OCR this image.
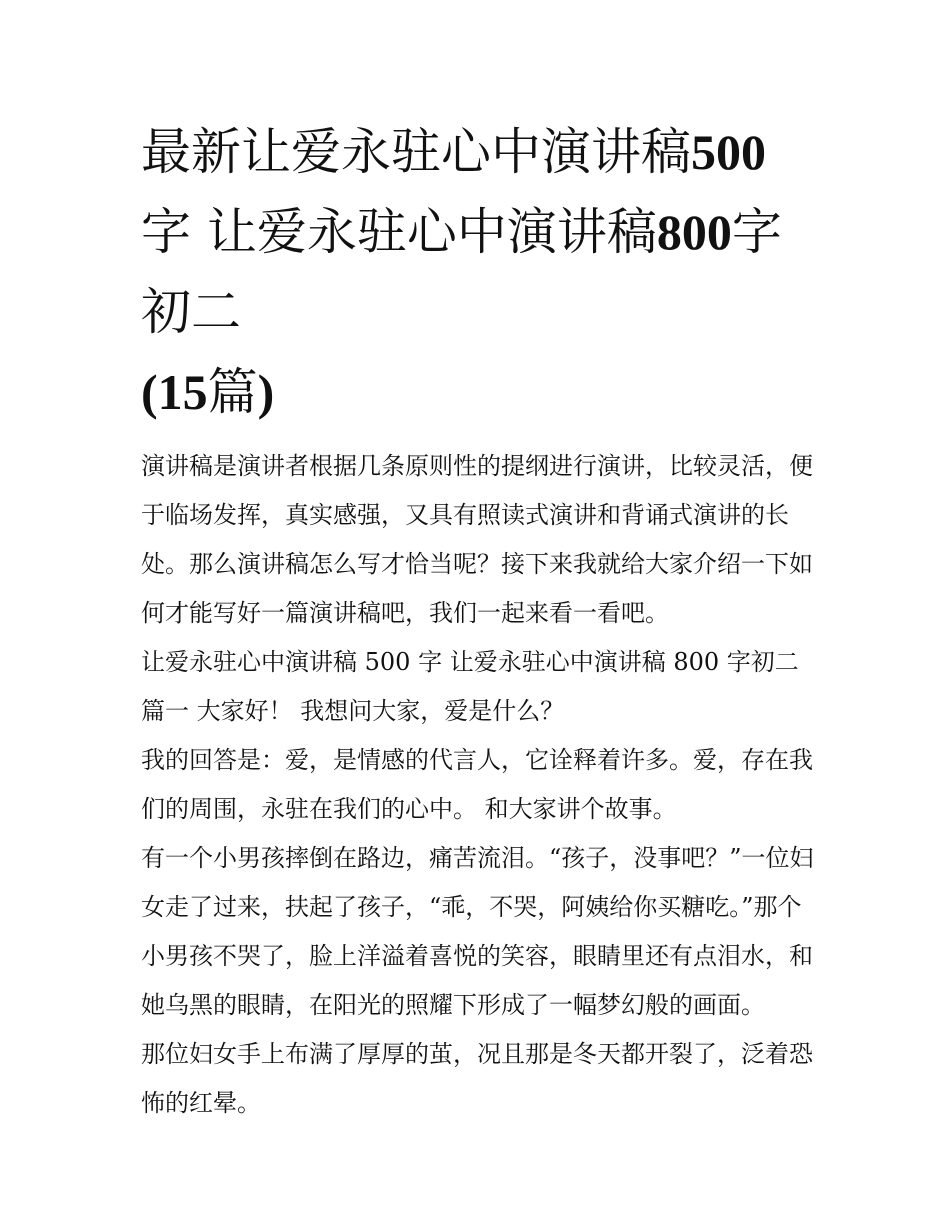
最新让爱永驻心中演讲稿500
字 让爱永驻心中演讲稿800字初二
(15篇)

演讲稿是演讲者根据几条原则性的提纲进行演讲，比较灵活，便于临场发挥，真实感强，又具有照读式演讲和背诵式演讲的长处。那么演讲稿怎么写才恰当呢？接下来我就给大家介绍一下如何才能写好一篇演讲稿吧，我们一起来看一看吧。

让爱永驻心中演讲稿 500 字 让爱永驻心中演讲稿 800 字初二篇一 大家好！ 我想问大家，爱是什么？

我的回答是：爱，是情感的代言人，它诠释着许多。爱，存在我们的周围，永驻在我们的心中。 和大家讲个故事。

有一个小男孩摔倒在路边，痛苦流泪。“孩子，没事吧？”一位妇女走了过来，扶起了孩子，“乖，不哭，阿姨给你买糖吃。”那个小男孩不哭了，脸上洋溢着喜悦的笑容，眼睛里还有点泪水，和她乌黑的眼睛，在阳光的照耀下形成了一幅梦幻般的画面。

那位妇女手上布满了厚厚的茧，况且那是冬天都开裂了，泛着恐怖的红晕。
